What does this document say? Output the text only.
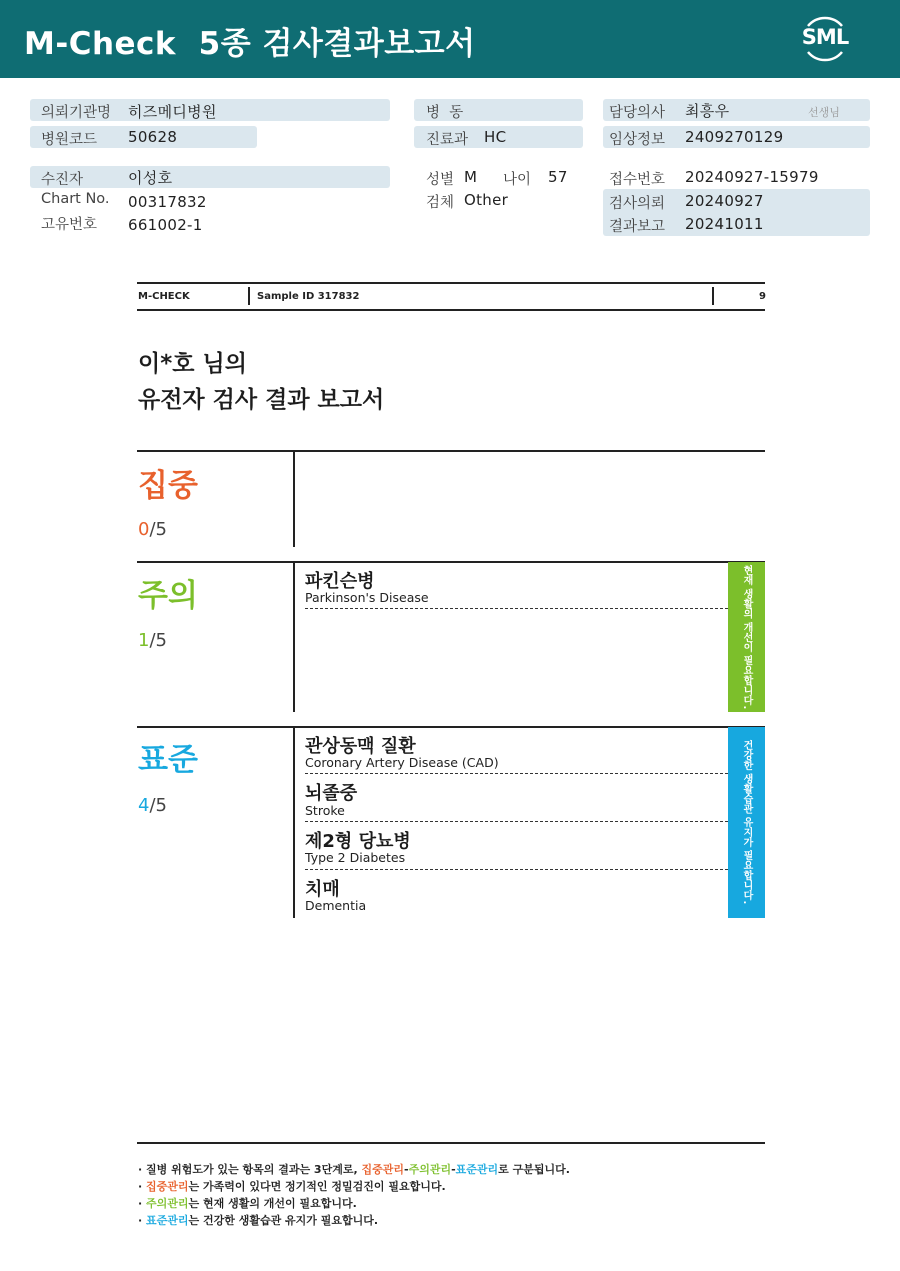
M-Check  5종 검사결과보고서	SML
의뢰기관명 히즈메디병원
병원코드 50628
병  동
진료과 HC
담당의사 최흥우	선생님
임상정보 2409270129
수진자	이성호
Chart No. 00317832
고유번호 661002-1
성별 M 나이 57
검체 Other
접수번호 20240927-15979
검사의뢰 20240927
결과보고 20241011
M-CHECK	Sample ID 317832	9
이*호 님의
유전자 검사 결과 보고서
집중
0/5
주의
1/5
파킨슨병
Parkinson's Disease	현재 생활의 개선이 필요합니다.
표준
4/5
관상동맥 질환
Coronary Artery Disease (CAD)
뇌졸중
Stroke
제2형 당뇨병
Type 2 Diabetes
치매
Dementia
건강한 생활습관 유지가 필요합니다.
· 질병 위험도가 있는 항목의 결과는 3단계로, 집중관리-주의관리-표준관리로 구분됩니다.
· 집중관리는 가족력이 있다면 정기적인 정밀검진이 필요합니다.
· 주의관리는 현재 생활의 개선이 필요합니다.
· 표준관리는 건강한 생활습관 유지가 필요합니다.
